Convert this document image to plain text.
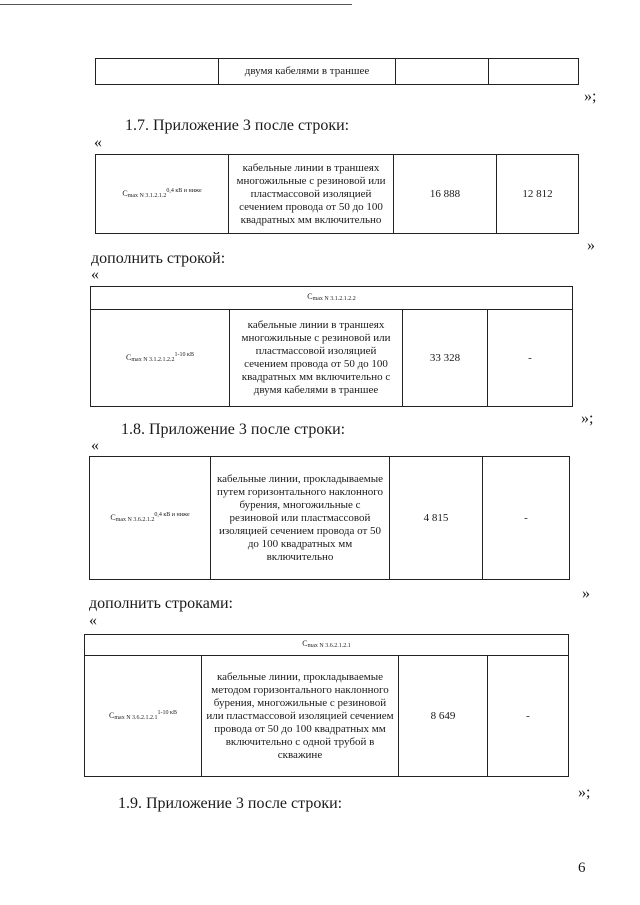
	двумя кабелями в траншее		
»;
1.7. Приложение 3 после строки:
«
$C_{max N 3.1.2.1.2}^{0,4 кВ и ниже}$	кабельные линии в траншеях многожильные с резиновой или пластмассовой изоляцией сечением провода от 50 до 100 квадратных мм включительно	16 888	12 812
»
дополнить строкой:
«
$C_{max N 3.1.2.1.2.2}$
$C_{max N 3.1.2.1.2.2}^{1-10 кВ}$	кабельные линии в траншеях многожильные с резиновой или пластмассовой изоляцией сечением провода от 50 до 100 квадратных мм включительно с двумя кабелями в траншее	33 328	-
»;
1.8. Приложение 3 после строки:
«
$C_{max N 3.6.2.1.2}^{0,4 кВ и ниже}$	кабельные линии, прокладываемые путем горизонтального наклонного бурения, многожильные с резиновой или пластмассовой изоляцией сечением провода от 50 до 100 квадратных мм включительно	4 815	-
»
дополнить строками:
«
$C_{max N 3.6.2.1.2.1}$
$C_{max N 3.6.2.1.2.1}^{1-10 кВ}$	кабельные линии, прокладываемые методом горизонтального наклонного бурения, многожильные с резиновой или пластмассовой изоляцией сечением провода от 50 до 100 квадратных мм включительно с одной трубой в скважине	8 649	-
»;
1.9. Приложение 3 после строки:
6
